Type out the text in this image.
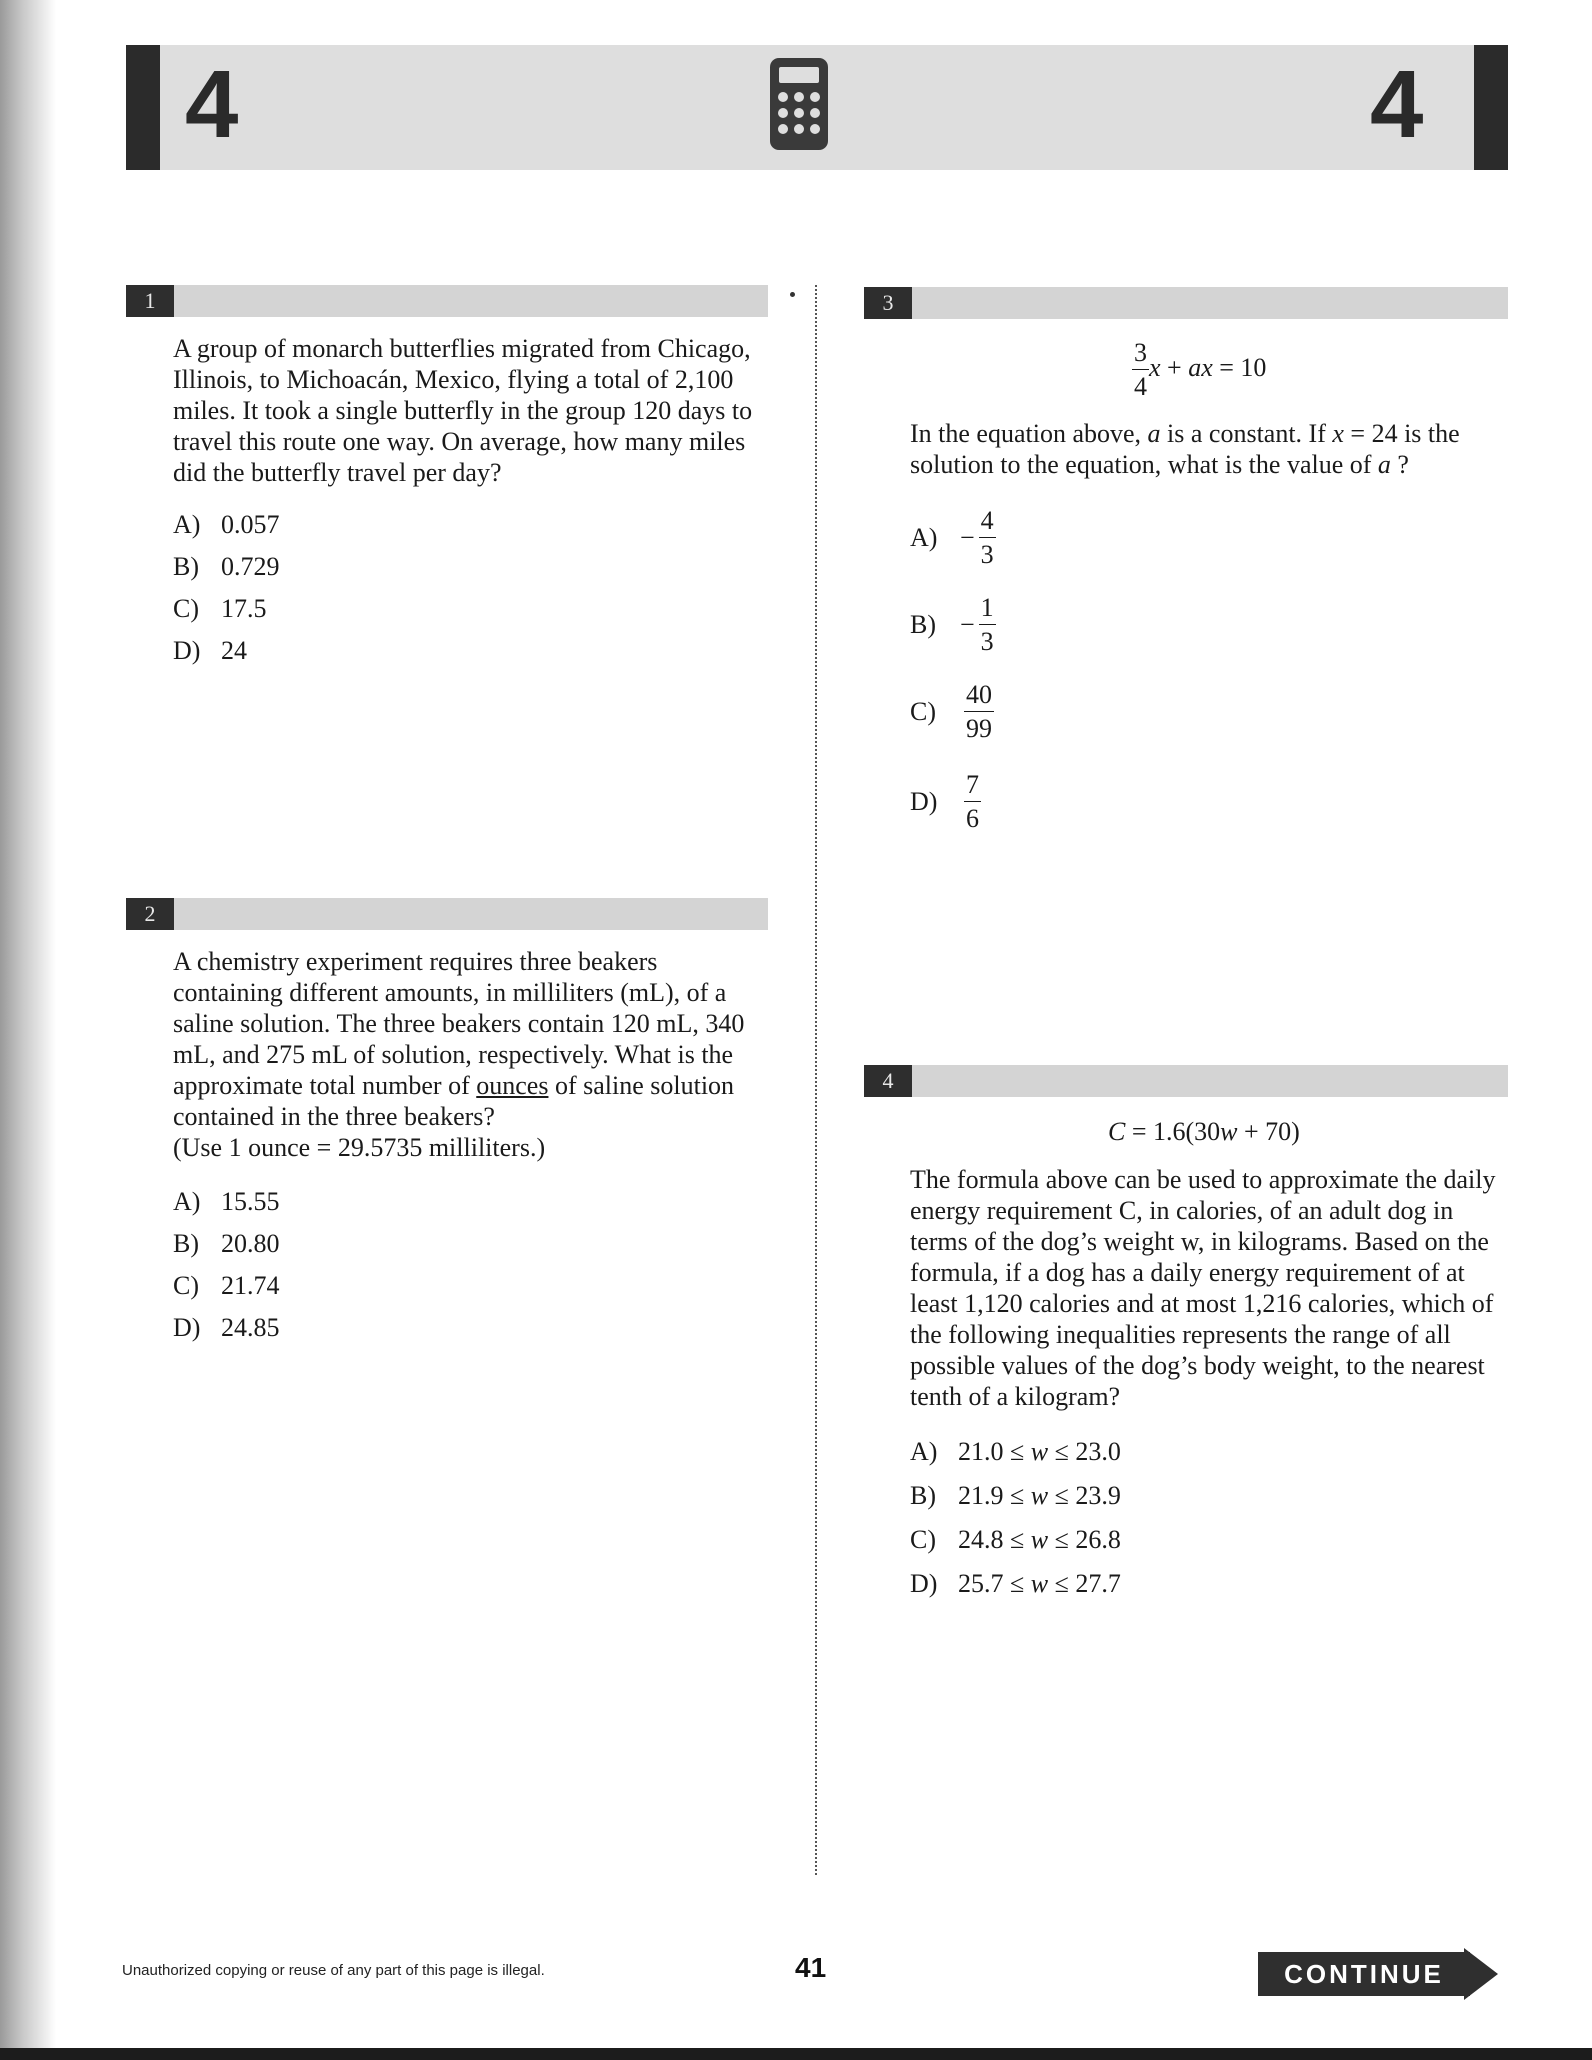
4	4
1

A group of monarch butterflies migrated from Chicago, Illinois, to Michoacán, Mexico, flying a total of 2,100 miles. It took a single butterfly in the group 120 days to travel this route one way. On average, how many miles did the butterfly travel per day?

A) 0.057
B) 0.729
C) 17.5
D) 24
2

A chemistry experiment requires three beakers containing different amounts, in milliliters (mL), of a saline solution. The three beakers contain 120 mL, 340 mL, and 275 mL of solution, respectively. What is the approximate total number of ounces of saline solution contained in the three beakers?
(Use 1 ounce = 29.5735 milliliters.)

A) 15.55
B) 20.80
C) 21.74
D) 24.85
3
$\frac{3}{4}$ x + ax = 10

In the equation above, a is a constant. If x = 24 is the solution to the equation, what is the value of a ?

$A) - \frac{4}{3}$
$B) - \frac{1}{3}$
C)	$\frac{40}{99}$
D)	$\frac{7}{6}$
4
C = 1.6(30w + 70)

The formula above can be used to approximate the daily energy requirement C, in calories, of an adult dog in terms of the dog’s weight w, in kilograms. Based on the formula, if a dog has a daily energy requirement of at least 1,120 calories and at most 1,216 calories, which of the following inequalities represents the range of all possible values of the dog’s body weight, to the nearest tenth of a kilogram?

A) 21.0 ≤ w ≤ 23.0
B) 21.9 ≤ w ≤ 23.9
C) 24.8 ≤ w ≤ 26.8
D) 25.7 ≤ w ≤ 27.7
Unauthorized copying or reuse of any part of this page is illegal.	41	CONTINUE
